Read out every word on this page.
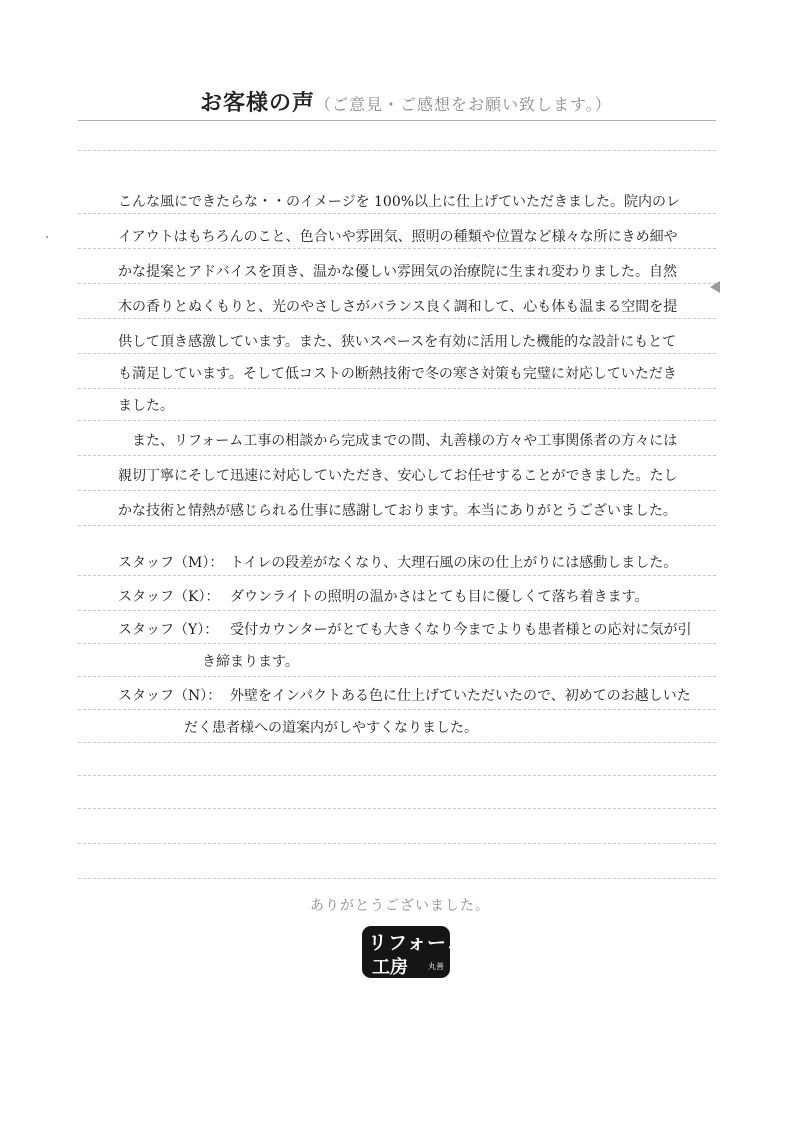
お客様の声（ご意見・ご感想をお願い致します。）
こんな風にできたらな・・のイメージを 100%以上に仕上げていただきました。院内のレ
イアウトはもちろんのこと、色合いや雰囲気、照明の種類や位置など様々な所にきめ細や
かな提案とアドバイスを頂き、温かな優しい雰囲気の治療院に生まれ変わりました。自然
木の香りとぬくもりと、光のやさしさがバランス良く調和して、心も体も温まる空間を提
供して頂き感激しています。また、狭いスペースを有効に活用した機能的な設計にもとて
も満足しています。そして低コストの断熱技術で冬の寒さ対策も完璧に対応していただき
ました。
　また、リフォーム工事の相談から完成までの間、丸善様の方々や工事関係者の方々には
親切丁寧にそして迅速に対応していただき、安心してお任せすることができました。たし
かな技術と情熱が感じられる仕事に感謝しております。本当にありがとうございました。
スタッフ（M）： トイレの段差がなくなり、大理石風の床の仕上がりには感動しました。
スタッフ（K）： ダウンライトの照明の温かさはとても目に優しくて落ち着きます。
スタッフ（Y）： 受付カウンターがとても大きくなり今までよりも患者様との応対に気が引
き締まります。
スタッフ（N）： 外壁をインパクトある色に仕上げていただいたので、初めてのお越しいた
だく患者様への道案内がしやすくなりました。
ありがとうございました。
リフォーム
工房	丸善
